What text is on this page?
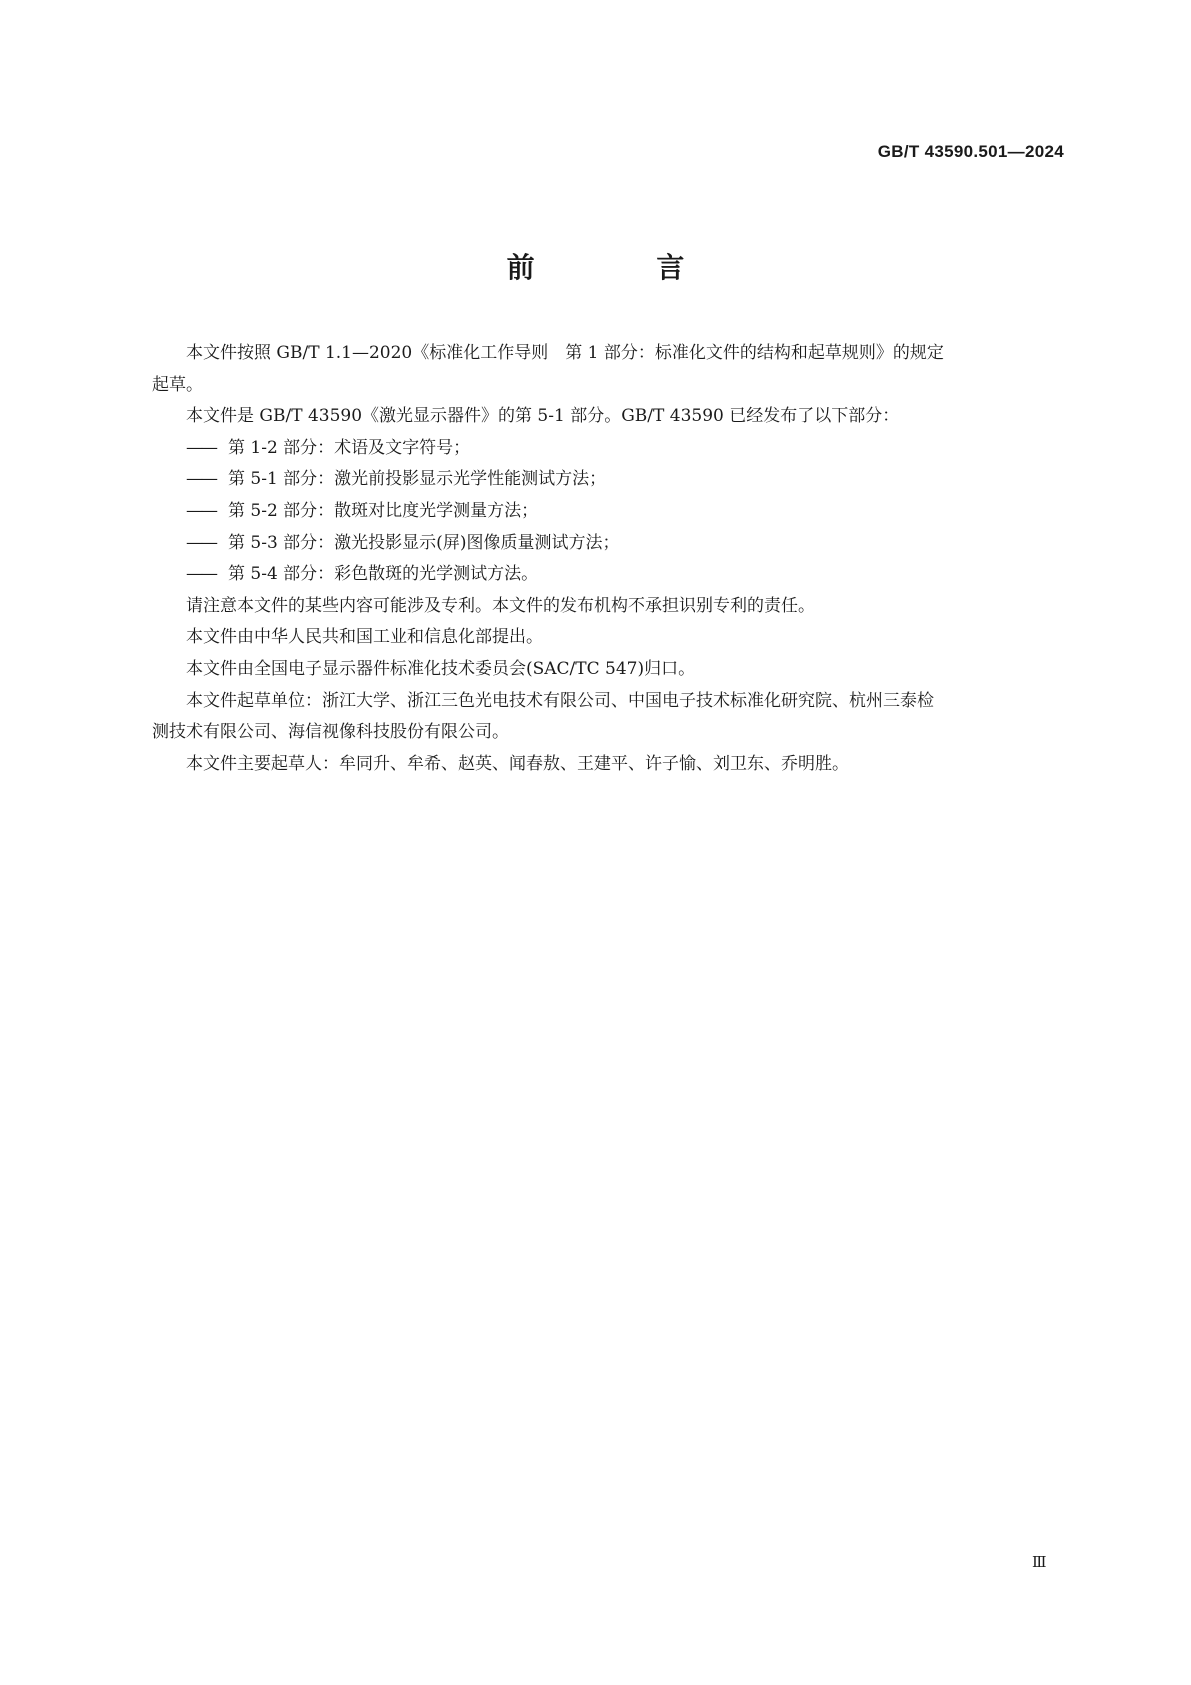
GB/T 43590.501—2024
前 言

本文件按照 GB/T 1.1—2020《标准化工作导则　第 1 部分：标准化文件的结构和起草规则》的规定

起草。

本文件是 GB/T 43590《激光显示器件》的第 5-1 部分。GB/T 43590 已经发布了以下部分：

—— 第 1-2 部分：术语及文字符号；

—— 第 5-1 部分：激光前投影显示光学性能测试方法；

—— 第 5-2 部分：散斑对比度光学测量方法；

—— 第 5-3 部分：激光投影显示(屏)图像质量测试方法；

—— 第 5-4 部分：彩色散斑的光学测试方法。

请注意本文件的某些内容可能涉及专利。本文件的发布机构不承担识别专利的责任。

本文件由中华人民共和国工业和信息化部提出。

本文件由全国电子显示器件标准化技术委员会(SAC/TC 547)归口。

本文件起草单位：浙江大学、浙江三色光电技术有限公司、中国电子技术标准化研究院、杭州三泰检

测技术有限公司、海信视像科技股份有限公司。

本文件主要起草人：牟同升、牟希、赵英、闻春敖、王建平、许子愉、刘卫东、乔明胜。

Ⅲ
